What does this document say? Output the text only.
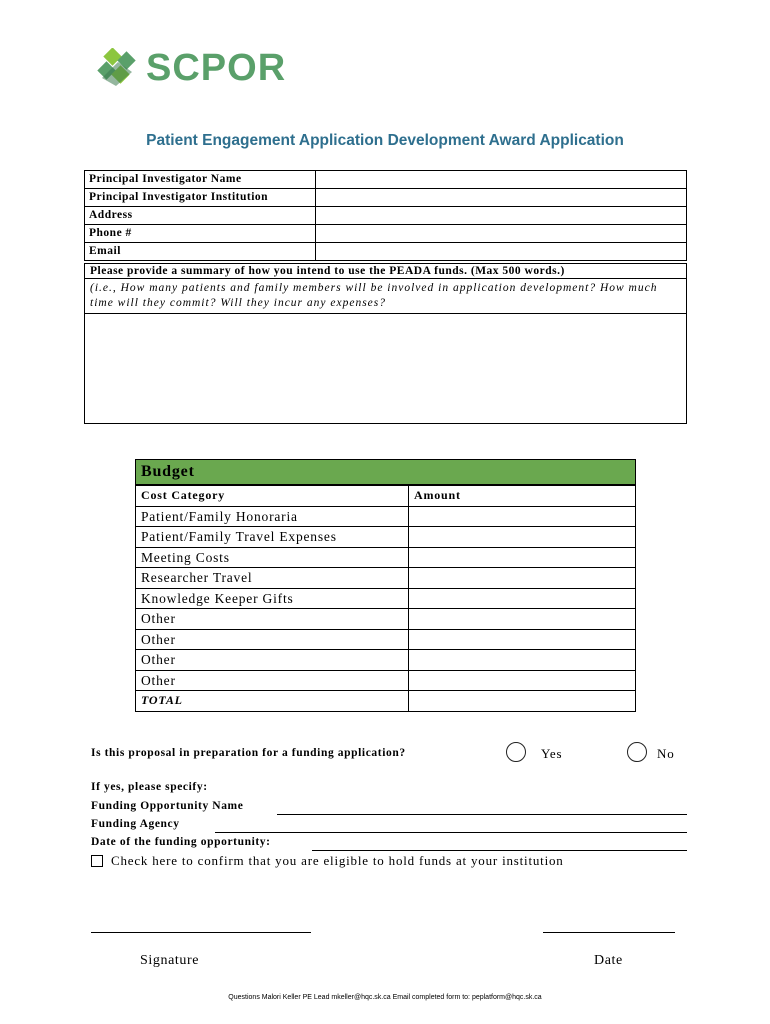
SCPOR
Patient Engagement Application Development Award Application
Principal Investigator Name	
Principal Investigator Institution	
Address	
Phone #	
Email	
Please provide a summary of how you intend to use the PEADA funds. (Max 500 words.)
(i.e., How many patients and family members will be involved in application development? How much time will they commit? Will they incur any expenses?
Budget	
Cost Category	Amount
Patient/Family Honoraria	
Patient/Family Travel Expenses	
Meeting Costs	
Researcher Travel	
Knowledge Keeper Gifts	
Other	
Other	
Other	
Other	
TOTAL	
Is this proposal in preparation for a funding application?	Yes	No
If yes, please specify:
Funding Opportunity Name
Funding Agency
Date of the funding opportunity:
Check here to confirm that you are eligible to hold funds at your institution
Signature	Date
Questions Malori Keller PE Lead mkeller@hqc.sk.ca Email completed form to: peplatform@hqc.sk.ca
